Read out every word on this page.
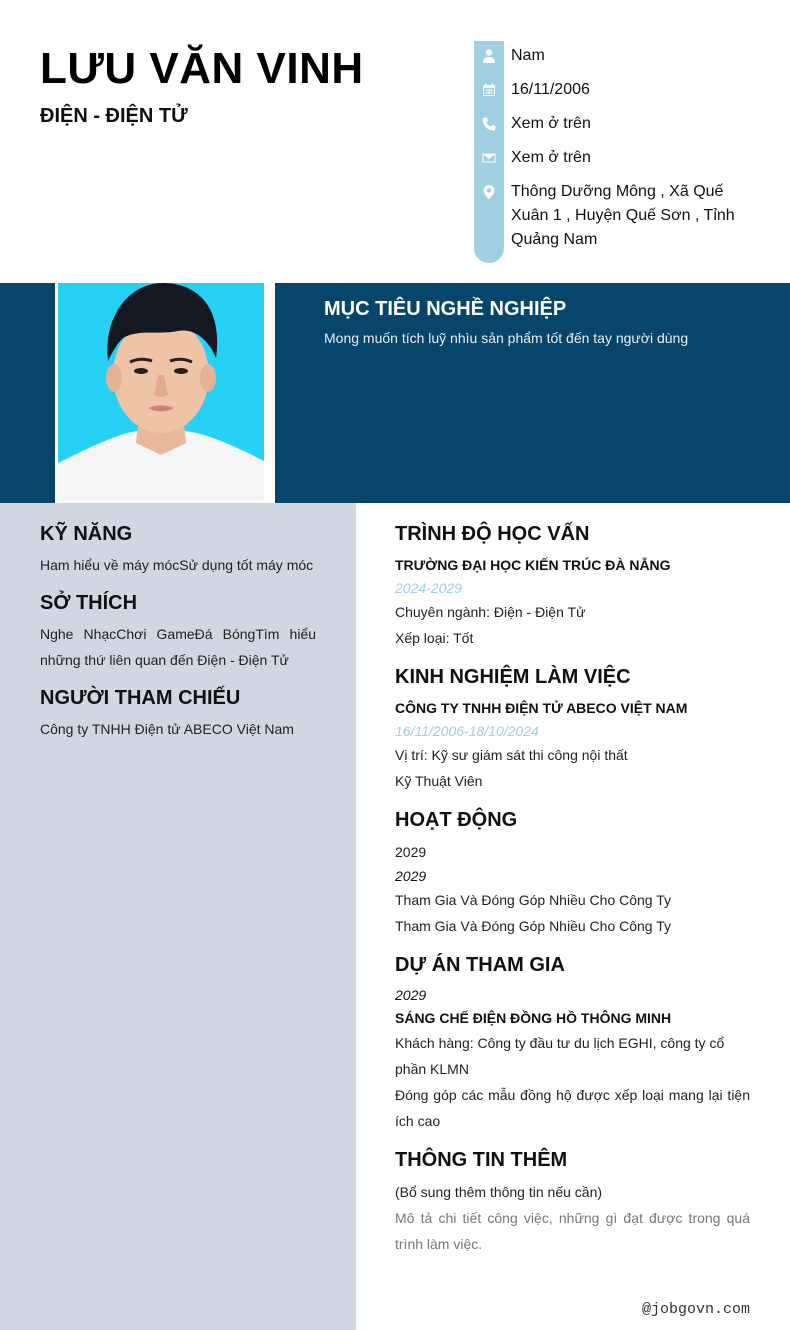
LƯU VĂN VINH
ĐIỆN - ĐIỆN TỬ
Nam
16/11/2006
Xem ở trên
Xem ở trên
Thông Dưỡng Mông , Xã Quế Xuân 1 , Huyện Quế Sơn , Tỉnh Quảng Nam
MỤC TIÊU NGHỀ NGHIỆP
Mong muốn tích luỹ nhìu sản phẩm tốt đến tay người dùng
KỸ NĂNG

Ham hiểu về máy mócSử dụng tốt máy móc

SỞ THÍCH

Nghe NhạcChơi GameĐá BóngTìm hiểu những thứ liên quan đến Điện - Điện Tử

NGƯỜI THAM CHIẾU

Công ty TNHH Điện tử ABECO Việt Nam

TRÌNH ĐỘ HỌC VẤN
TRƯỜNG ĐẠI HỌC KIẾN TRÚC ĐÀ NẴNG
2024-2029
Chuyên ngành: Điện - Điện Tử
Xếp loại: Tốt
KINH NGHIỆM LÀM VIỆC
CÔNG TY TNHH ĐIỆN TỬ ABECO VIỆT NAM
16/11/2006-18/10/2024
Vị trí: Kỹ sư giám sát thi công nội thất
Kỹ Thuật Viên
HOẠT ĐỘNG
2029
2029
Tham Gia Và Đóng Góp Nhiều Cho Công Ty
Tham Gia Và Đóng Góp Nhiều Cho Công Ty
DỰ ÁN THAM GIA
2029
SÁNG CHẾ ĐIỆN ĐỒNG HỒ THÔNG MINH
Khách hàng: Công ty đầu tư du lịch EGHI, công ty cổ phần KLMN
Đóng góp các mẫu đồng hộ được xếp loại mang lại tiện ích cao
THÔNG TIN THÊM
(Bổ sung thêm thông tin nếu cần)
Mô tả chi tiết công việc, những gì đạt được trong quá trình làm việc.
@jobgovn.com
